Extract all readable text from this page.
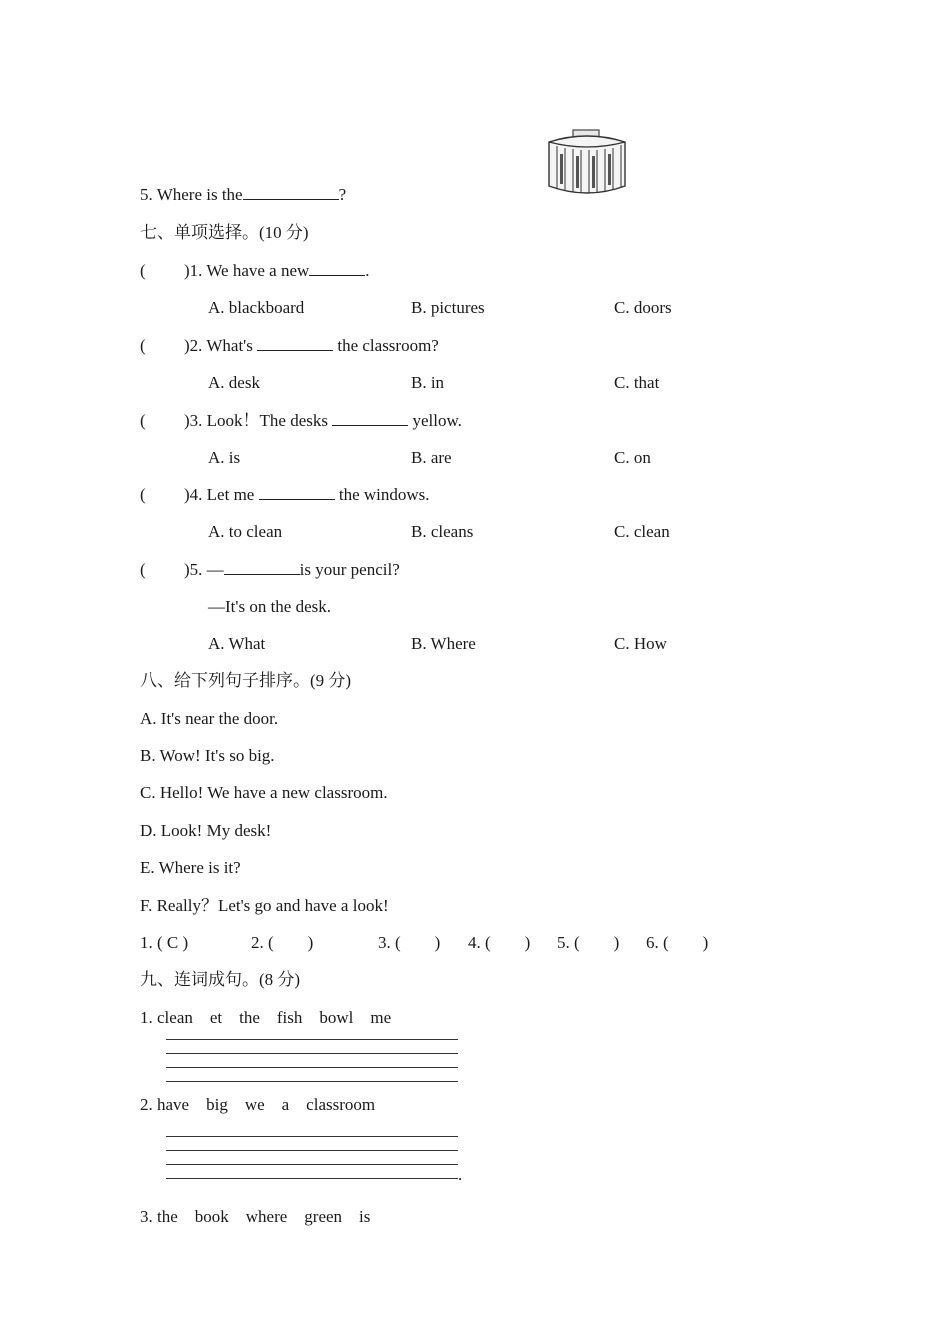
5. Where is the	?
七、单项选择。(10 分)
( )1. We have a new	.
A. blackboard	B. pictures	C. doors
( )2. What's	the classroom?
A. desk	B. in	C. that
( )3. Look！The desks	yellow.
A. is	B. are	C. on
( )4. Let me	the windows.
A. to clean	B. cleans	C. clean
( )5. —	is your pencil?
—It's on the desk.
A. What	B. Where	C. How
八、给下列句子排序。(9 分)
A. It's near the door.
B. Wow! It's so big.
C. Hello! We have a new classroom.
D. Look! My desk!
E. Where is it?
F. Really？Let's go and have a look!
1. ( C )	2. (        )	3. (        ) 4. (        ) 5. (        ) 6. (        )
九、连词成句。(8 分)
1. clean    et    the    fish    bowl    me
2. have    big    we    a    classroom
.
3. the    book    where    green    is
